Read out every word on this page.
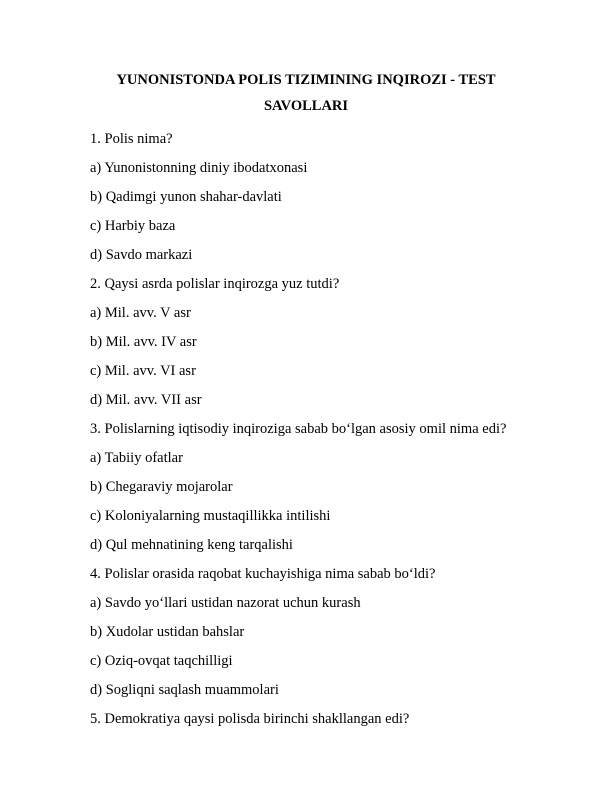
YUNONISTONDA POLIS TIZIMINING INQIROZI - TEST

SAVOLLARI

1. Polis nima?

a) Yunonistonning diniy ibodatxonasi

b) Qadimgi yunon shahar-davlati

c) Harbiy baza

d) Savdo markazi

2. Qaysi asrda polislar inqirozga yuz tutdi?

a) Mil. avv. V asr

b) Mil. avv. IV asr

c) Mil. avv. VI asr

d) Mil. avv. VII asr

3. Polislarning iqtisodiy inqiroziga sabab bo‘lgan asosiy omil nima edi?

a) Tabiiy ofatlar

b) Chegaraviy mojarolar

c) Koloniyalarning mustaqillikka intilishi

d) Qul mehnatining keng tarqalishi

4. Polislar orasida raqobat kuchayishiga nima sabab bo‘ldi?

a) Savdo yo‘llari ustidan nazorat uchun kurash

b) Xudolar ustidan bahslar

c) Oziq-ovqat taqchilligi

d) Sogliqni saqlash muammolari

5. Demokratiya qaysi polisda birinchi shakllangan edi?
